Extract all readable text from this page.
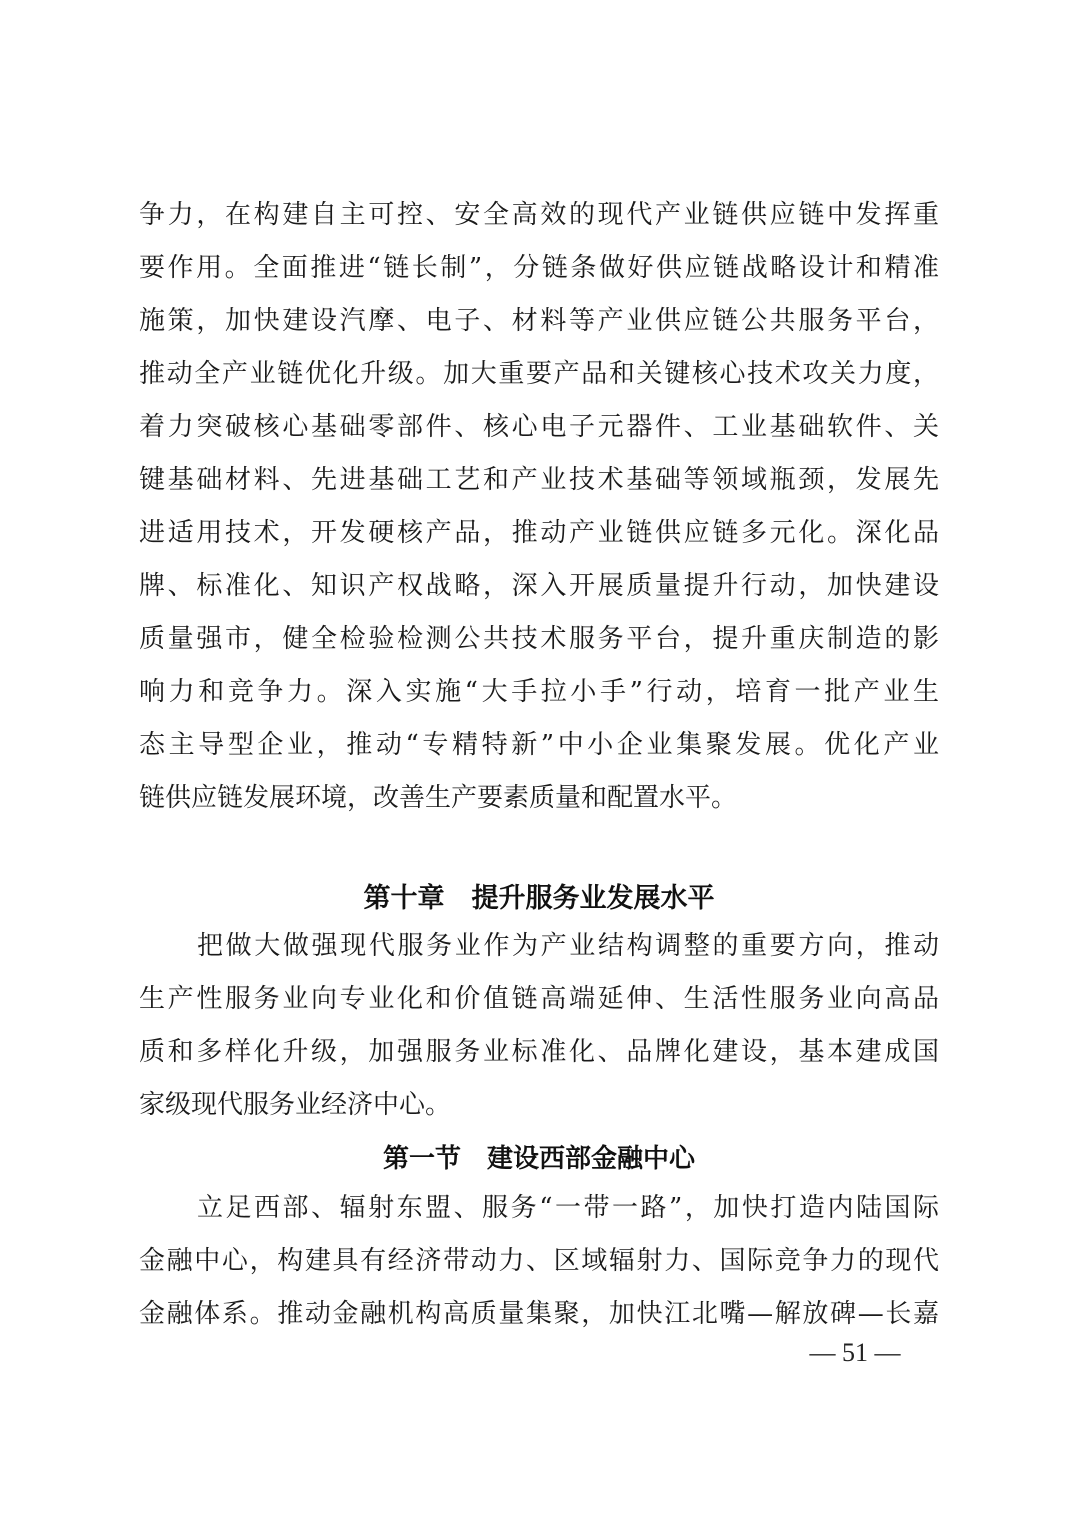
争力，在构建自主可控、安全高效的现代产业链供应链中发挥重
要作用。全面推进“链长制”，分链条做好供应链战略设计和精准
施策，加快建设汽摩、电子、材料等产业供应链公共服务平台，
推动全产业链优化升级。加大重要产品和关键核心技术攻关力度，
着力突破核心基础零部件、核心电子元器件、工业基础软件、关
键基础材料、先进基础工艺和产业技术基础等领域瓶颈，发展先
进适用技术，开发硬核产品，推动产业链供应链多元化。深化品
牌、标准化、知识产权战略，深入开展质量提升行动，加快建设
质量强市，健全检验检测公共技术服务平台，提升重庆制造的影
响力和竞争力。深入实施“大手拉小手”行动，培育一批产业生
态主导型企业，推动“专精特新”中小企业集聚发展。优化产业
链供应链发展环境，改善生产要素质量和配置水平。
第十章　提升服务业发展水平
把做大做强现代服务业作为产业结构调整的重要方向，推动
生产性服务业向专业化和价值链高端延伸、生活性服务业向高品
质和多样化升级，加强服务业标准化、品牌化建设，基本建成国
家级现代服务业经济中心。
第一节　建设西部金融中心
立足西部、辐射东盟、服务“一带一路”，加快打造内陆国际
金融中心，构建具有经济带动力、区域辐射力、国际竞争力的现代
金融体系。推动金融机构高质量集聚，加快江北嘴—解放碑—长嘉
— 51 —
